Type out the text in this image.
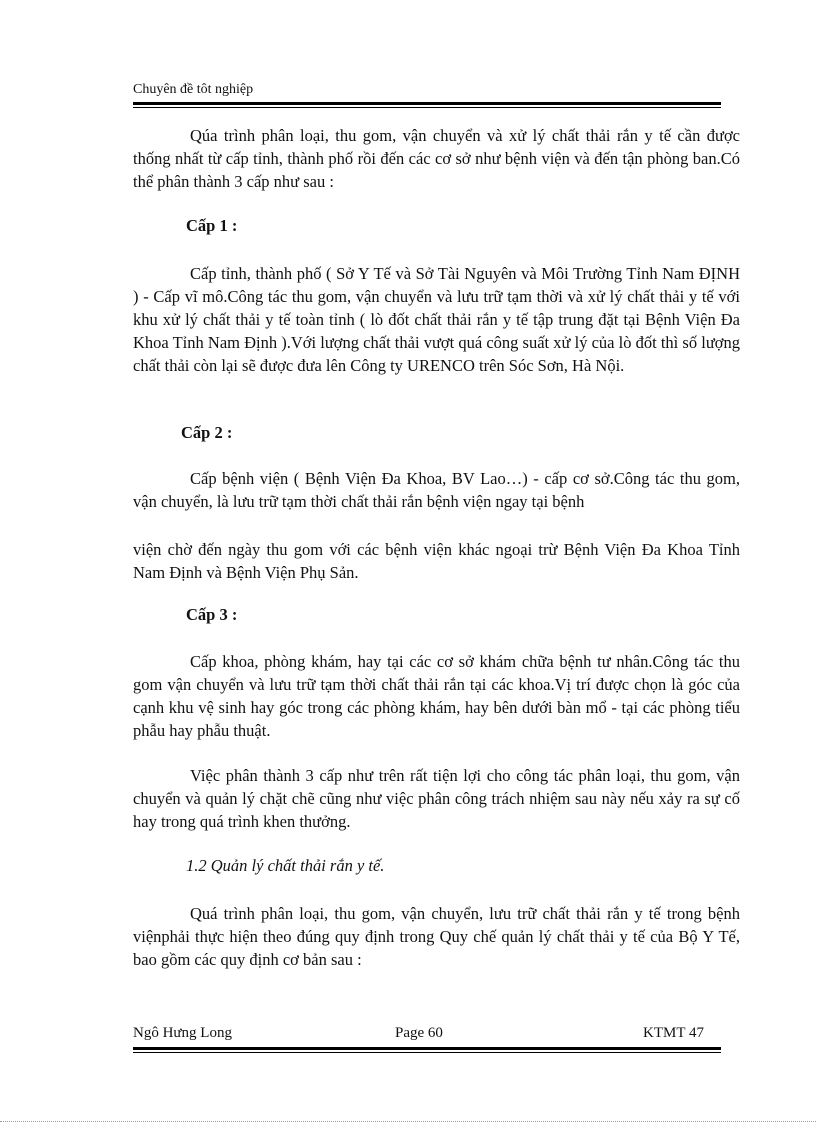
Chuyên đề tôt nghiệp

Qúa trình phân loại, thu gom, vận chuyển và xử lý chất thải rắn y tế cần được thống nhất từ cấp tỉnh, thành phố rồi đến các cơ sở như bệnh viện và đến tận phòng ban.Có thể phân thành 3 cấp như sau :

Cấp 1 :

Cấp tỉnh, thành phố ( Sở Y Tế và Sở Tài Nguyên và Môi Trường Tỉnh Nam ĐỊNH ) - Cấp vĩ mô.Công tác thu gom, vận chuyển và lưu trữ tạm thời và xử lý chất thải y tế với khu xử lý chất thải y tế toàn tỉnh ( lò đốt chất thải rắn y tế tập trung đặt tại Bệnh Viện Đa Khoa Tỉnh Nam Định ).Với lượng chất thải vượt quá công suất xử lý của lò đốt thì số lượng chất thải còn lại sẽ được đưa lên Công ty URENCO trên Sóc Sơn, Hà Nội.

Cấp 2 :

Cấp bệnh viện ( Bệnh Viện Đa Khoa, BV Lao…) - cấp cơ sở.Công tác thu gom, vận chuyển, là lưu trữ tạm thời chất thải rắn bệnh viện ngay tại bệnh

viện chờ đến ngày thu gom với các bệnh viện khác ngoại trừ Bệnh Viện Đa Khoa Tỉnh Nam Định và Bệnh Viện Phụ Sản.

Cấp 3 :

Cấp khoa, phòng khám, hay tại các cơ sở khám chữa bệnh tư nhân.Công tác thu gom vận chuyển và lưu trữ tạm thời chất thải rắn tại các khoa.Vị trí được chọn là góc của cạnh khu vệ sinh hay góc trong các phòng khám, hay bên dưới bàn mổ - tại các phòng tiểu phẫu hay phẫu thuật.

Việc phân thành 3 cấp như trên rất tiện lợi cho công tác phân loại, thu gom, vận chuyển và quản lý chặt chẽ cũng như việc phân công trách nhiệm sau này nếu xảy ra sự cố hay trong quá trình khen thưởng.

1.2 Quản lý chất thải rắn y tế.

Quá trình phân loại, thu gom, vận chuyển, lưu trữ chất thải rắn y tế trong bệnh việnphải thực hiện theo đúng quy định trong Quy chế quản lý chất thải y tế của Bộ Y Tế, bao gồm các quy định cơ bản sau :

Ngô Hưng Long	Page 60	KTMT 47
